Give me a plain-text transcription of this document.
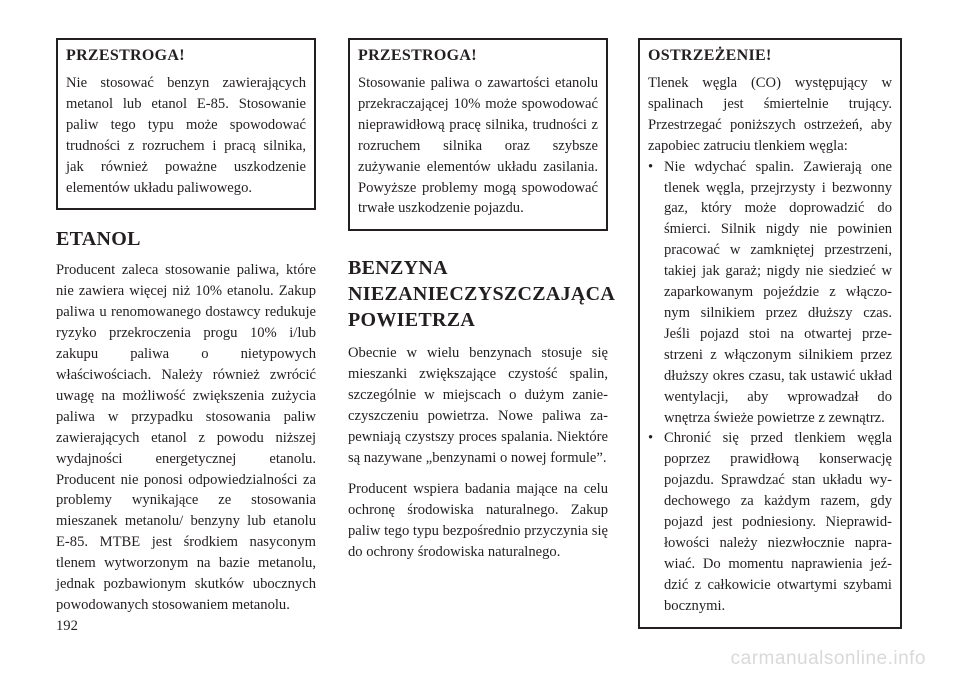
PRZESTROGA!

Nie stosować benzyn zawierających metanol lub etanol E-85. Stosowanie paliw tego typu może spowodować trudności z rozruchem i pracą silnika, jak również poważne uszkodzenie elementów układu paliwowego.

ETANOL

Producent zaleca stosowanie paliwa, które nie zawiera więcej niż 10% etanolu. Zakup paliwa u renomowanego dostawcy redukuje ryzyko przekroczenia progu 10% i/lub zakupu paliwa o nietypowych właściwościach. Należy również zwrócić uwagę na możliwość zwiększenia zużycia paliwa w przypadku stosowania paliw zawierających etanol z powodu niższej wydajności energetycznej etanolu. Producent nie ponosi odpowiedzialności za problemy wynikające ze stosowania mieszanek metanolu/ benzyny lub etanolu E-85. MTBE jest środkiem nasyconym tlenem wytworzonym na bazie metanolu, jednak pozbawionym skutków ubocznych powodowanych stosowaniem metanolu.

PRZESTROGA!

Stosowanie paliwa o zawartości etanolu przekraczającej 10% może spowodować nieprawidłową pracę silnika, trudności z rozruchem silnika oraz szybsze zużywanie elementów układu zasilania. Powyższe problemy mogą spowodować trwałe uszkodzenie pojazdu.

BENZYNA NIEZANIECZYSZCZAJĄCA POWIETRZA

Obecnie w wielu benzynach stosuje się mieszanki zwiększające czystość spalin, szczególnie w miejscach o dużym zanieczyszczeniu powietrza. Nowe paliwa zapewniają czystszy proces spalania. Niektóre są nazywane „benzynami o nowej formule”.

Producent wspiera badania mające na celu ochronę środowiska naturalnego. Zakup paliw tego typu bezpośrednio przyczynia się do ochrony środowiska naturalnego.

OSTRZEŻENIE!

Tlenek węgla (CO) występujący w spalinach jest śmiertelnie trujący. Przestrzegać poniższych ostrzeżeń, aby zapobiec zatruciu tlenkiem węgla:

• Nie wdychać spalin. Zawierają one tlenek węgla, przejrzysty i bezwonny gaz, który może doprowadzić do śmierci. Silnik nigdy nie powinien pracować w zamkniętej przestrzeni, takiej jak garaż; nigdy nie siedzieć w zaparkowanym pojeździe z włączonym silnikiem przez dłuższy czas. Jeśli pojazd stoi na otwartej przestrzeni z włączonym silnikiem przez dłuższy okres czasu, tak ustawić układ wentylacji, aby wprowadzał do wnętrza świeże powietrze z zewnątrz.

• Chronić się przed tlenkiem węgla poprzez prawidłową konserwację pojazdu. Sprawdzać stan układu wydechowego za każdym razem, gdy pojazd jest podniesiony. Nieprawidłowości należy niezwłocznie naprawiać. Do momentu naprawienia jeździć z całkowicie otwartymi szybami bocznymi.

192
carmanualsonline.info
